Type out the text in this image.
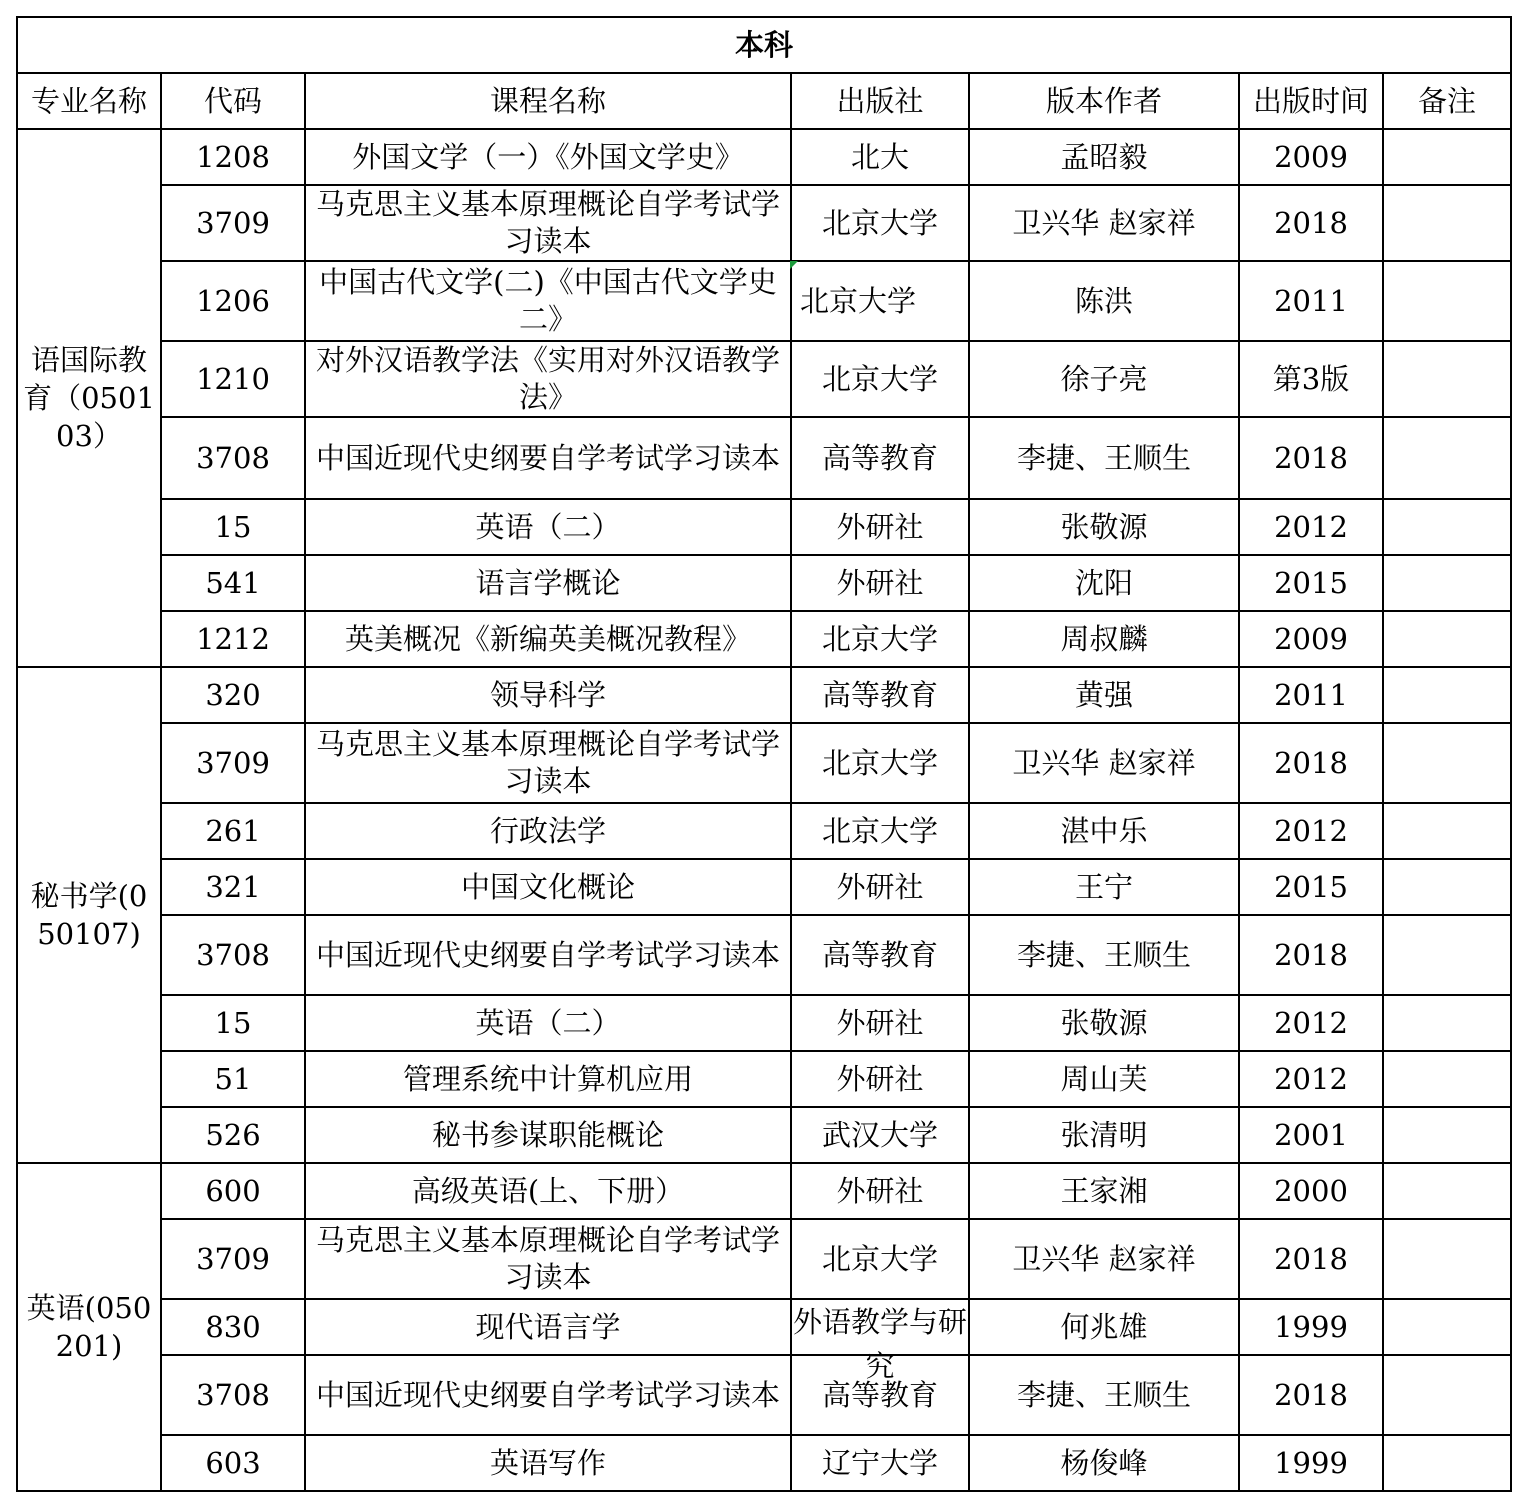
本科						
专业名称	代码	课程名称	出版社	版本作者	出版时间	备注
语国际教育（050103）	1208	外国文学（一）《外国文学史》	北大	孟昭毅	2009	
	3709	马克思主义基本原理概论自学考试学习读本	北京大学	卫兴华 赵家祥	2018	
	1206	中国古代文学(二)《中国古代文学史二》	北京大学	陈洪	2011	
	1210	对外汉语教学法《实用对外汉语教学法》	北京大学	徐子亮	第3版	
	3708	中国近现代史纲要自学考试学习读本	高等教育	李捷、王顺生	2018	
	15	英语（二）	外研社	张敬源	2012	
	541	语言学概论	外研社	沈阳	2015	
	1212	英美概况《新编英美概况教程》	北京大学	周叔麟	2009	
秘书学(050107)	320	领导科学	高等教育	黄强	2011	
	3709	马克思主义基本原理概论自学考试学习读本	北京大学	卫兴华 赵家祥	2018	
	261	行政法学	北京大学	湛中乐	2012	
	321	中国文化概论	外研社	王宁	2015	
	3708	中国近现代史纲要自学考试学习读本	高等教育	李捷、王顺生	2018	
	15	英语（二）	外研社	张敬源	2012	
	51	管理系统中计算机应用	外研社	周山芙	2012	
	526	秘书参谋职能概论	武汉大学	张清明	2001	
英语(050201)	600	高级英语(上、下册）	外研社	王家湘	2000	
	3709	马克思主义基本原理概论自学考试学习读本	北京大学	卫兴华 赵家祥	2018	
	830	现代语言学	外语教学与研究	何兆雄	1999	
	3708	中国近现代史纲要自学考试学习读本	高等教育	李捷、王顺生	2018	
	603	英语写作	辽宁大学	杨俊峰	1999	
